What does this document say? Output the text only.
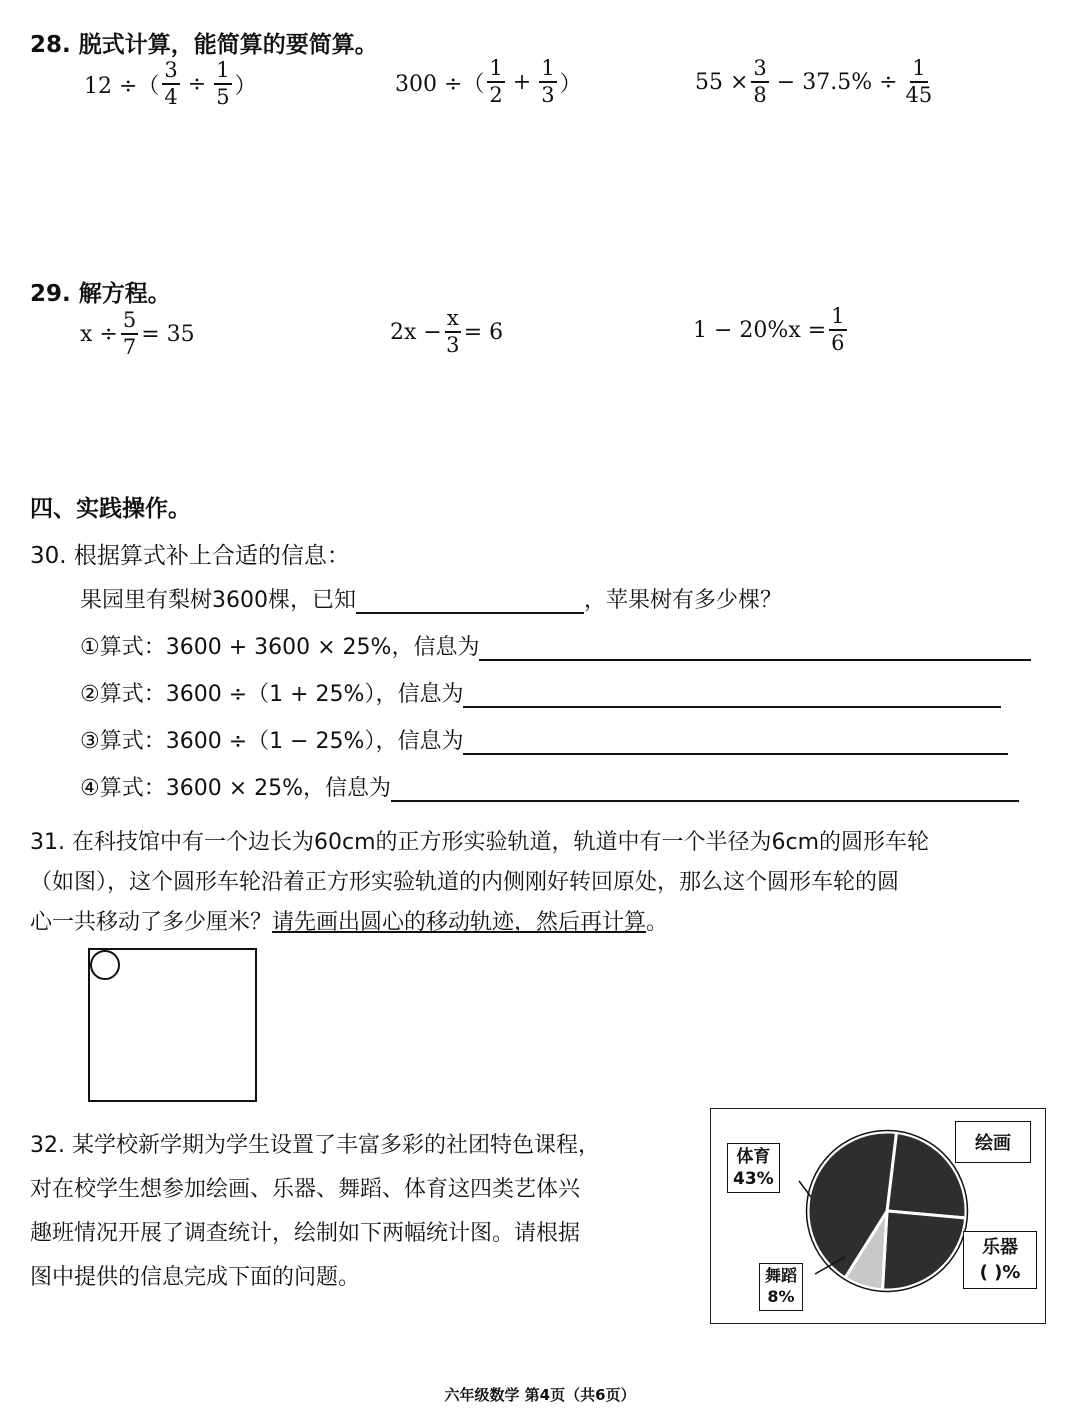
28. 脱式计算，能简算的要简算。
12 ÷（ $\frac{3}{4} \div \frac{1}{5}$ ）	300 ÷（ $\frac{1}{2} + \frac{1}{3}$ ）	$55 \times \frac{3}{8} - 37.5\% \div \frac{1}{45}$
29. 解方程。
$x \div \frac{5}{7} = 35$	$2x - \frac{x}{3} = 6$	$1 - 20\%x = \frac{1}{6}$
四、实践操作。
30. 根据算式补上合适的信息：
果园里有梨树3600棵，已知	，苹果树有多少棵？
①算式：3600 + 3600 × 25%，信息为
②算式：3600 ÷（1 + 25%），信息为
③算式：3600 ÷（1 − 25%），信息为
④算式：3600 × 25%，信息为
31. 在科技馆中有一个边长为60cm的正方形实验轨道，轨道中有一个半径为6cm的圆形车轮
（如图），这个圆形车轮沿着正方形实验轨道的内侧刚好转回原处，那么这个圆形车轮的圆
心一共移动了多少厘米？请先画出圆心的移动轨迹，然后再计算。
32. 某学校新学期为学生设置了丰富多彩的社团特色课程，
对在校学生想参加绘画、乐器、舞蹈、体育这四类艺体兴
趣班情况开展了调查统计，绘制如下两幅统计图。请根据
图中提供的信息完成下面的问题。
体育
43%
绘画
乐器
( )%
舞蹈
8%
六年级数学 第4页（共6页）
